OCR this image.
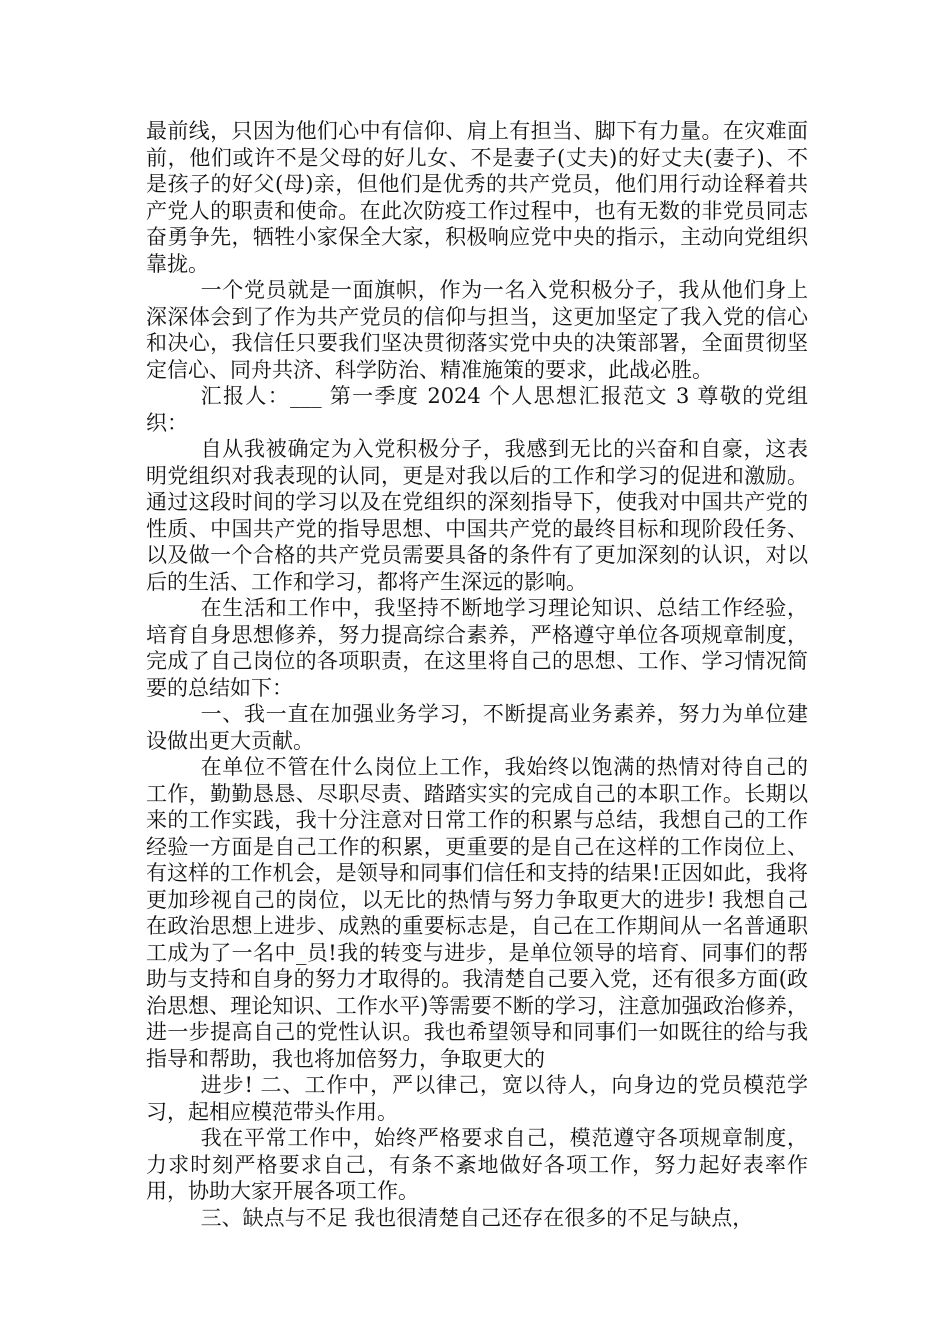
最前线，只因为他们心中有信仰、肩上有担当、脚下有力量。在灾难面前，他们或许不是父母的好儿女、不是妻子(丈夫)的好丈夫(妻子)、不是孩子的好父(母)亲，但他们是优秀的共产党员，他们用行动诠释着共产党人的职责和使命。在此次防疫工作过程中，也有无数的非党员同志奋勇争先，牺牲小家保全大家，积极响应党中央的指示，主动向党组织靠拢。

一个党员就是一面旗帜，作为一名入党积极分子，我从他们身上深深体会到了作为共产党员的信仰与担当，这更加坚定了我入党的信心和决心，我信任只要我们坚决贯彻落实党中央的决策部署，全面贯彻坚定信心、同舟共济、科学防治、精准施策的要求，此战必胜。

汇报人：___ 第一季度 2024 个人思想汇报范文 3 尊敬的党组织：

自从我被确定为入党积极分子，我感到无比的兴奋和自豪，这表明党组织对我表现的认同，更是对我以后的工作和学习的促进和激励。通过这段时间的学习以及在党组织的深刻指导下，使我对中国共产党的性质、中国共产党的指导思想、中国共产党的最终目标和现阶段任务、以及做一个合格的共产党员需要具备的条件有了更加深刻的认识，对以后的生活、工作和学习，都将产生深远的影响。

在生活和工作中，我坚持不断地学习理论知识、总结工作经验，培育自身思想修养，努力提高综合素养，严格遵守单位各项规章制度，完成了自己岗位的各项职责，在这里将自己的思想、工作、学习情况简要的总结如下：

一、我一直在加强业务学习，不断提高业务素养，努力为单位建设做出更大贡献。

在单位不管在什么岗位上工作，我始终以饱满的热情对待自己的工作，勤勤恳恳、尽职尽责、踏踏实实的完成自己的本职工作。长期以来的工作实践，我十分注意对日常工作的积累与总结，我想自己的工作经验一方面是自己工作的积累，更重要的是自己在这样的工作岗位上、有这样的工作机会，是领导和同事们信任和支持的结果!正因如此，我将更加珍视自己的岗位，以无比的热情与努力争取更大的进步! 我想自己在政治思想上进步、成熟的重要标志是，自己在工作期间从一名普通职工成为了一名中_员!我的转变与进步，是单位领导的培育、同事们的帮助与支持和自身的努力才取得的。我清楚自己要入党，还有很多方面(政治思想、理论知识、工作水平)等需要不断的学习，注意加强政治修养，进一步提高自己的党性认识。我也希望领导和同事们一如既往的给与我指导和帮助，我也将加倍努力，争取更大的

进步! 二、工作中，严以律己，宽以待人，向身边的党员模范学习，起相应模范带头作用。

我在平常工作中，始终严格要求自己，模范遵守各项规章制度，力求时刻严格要求自己，有条不紊地做好各项工作，努力起好表率作用，协助大家开展各项工作。

三、缺点与不足 我也很清楚自己还存在很多的不足与缺点，
